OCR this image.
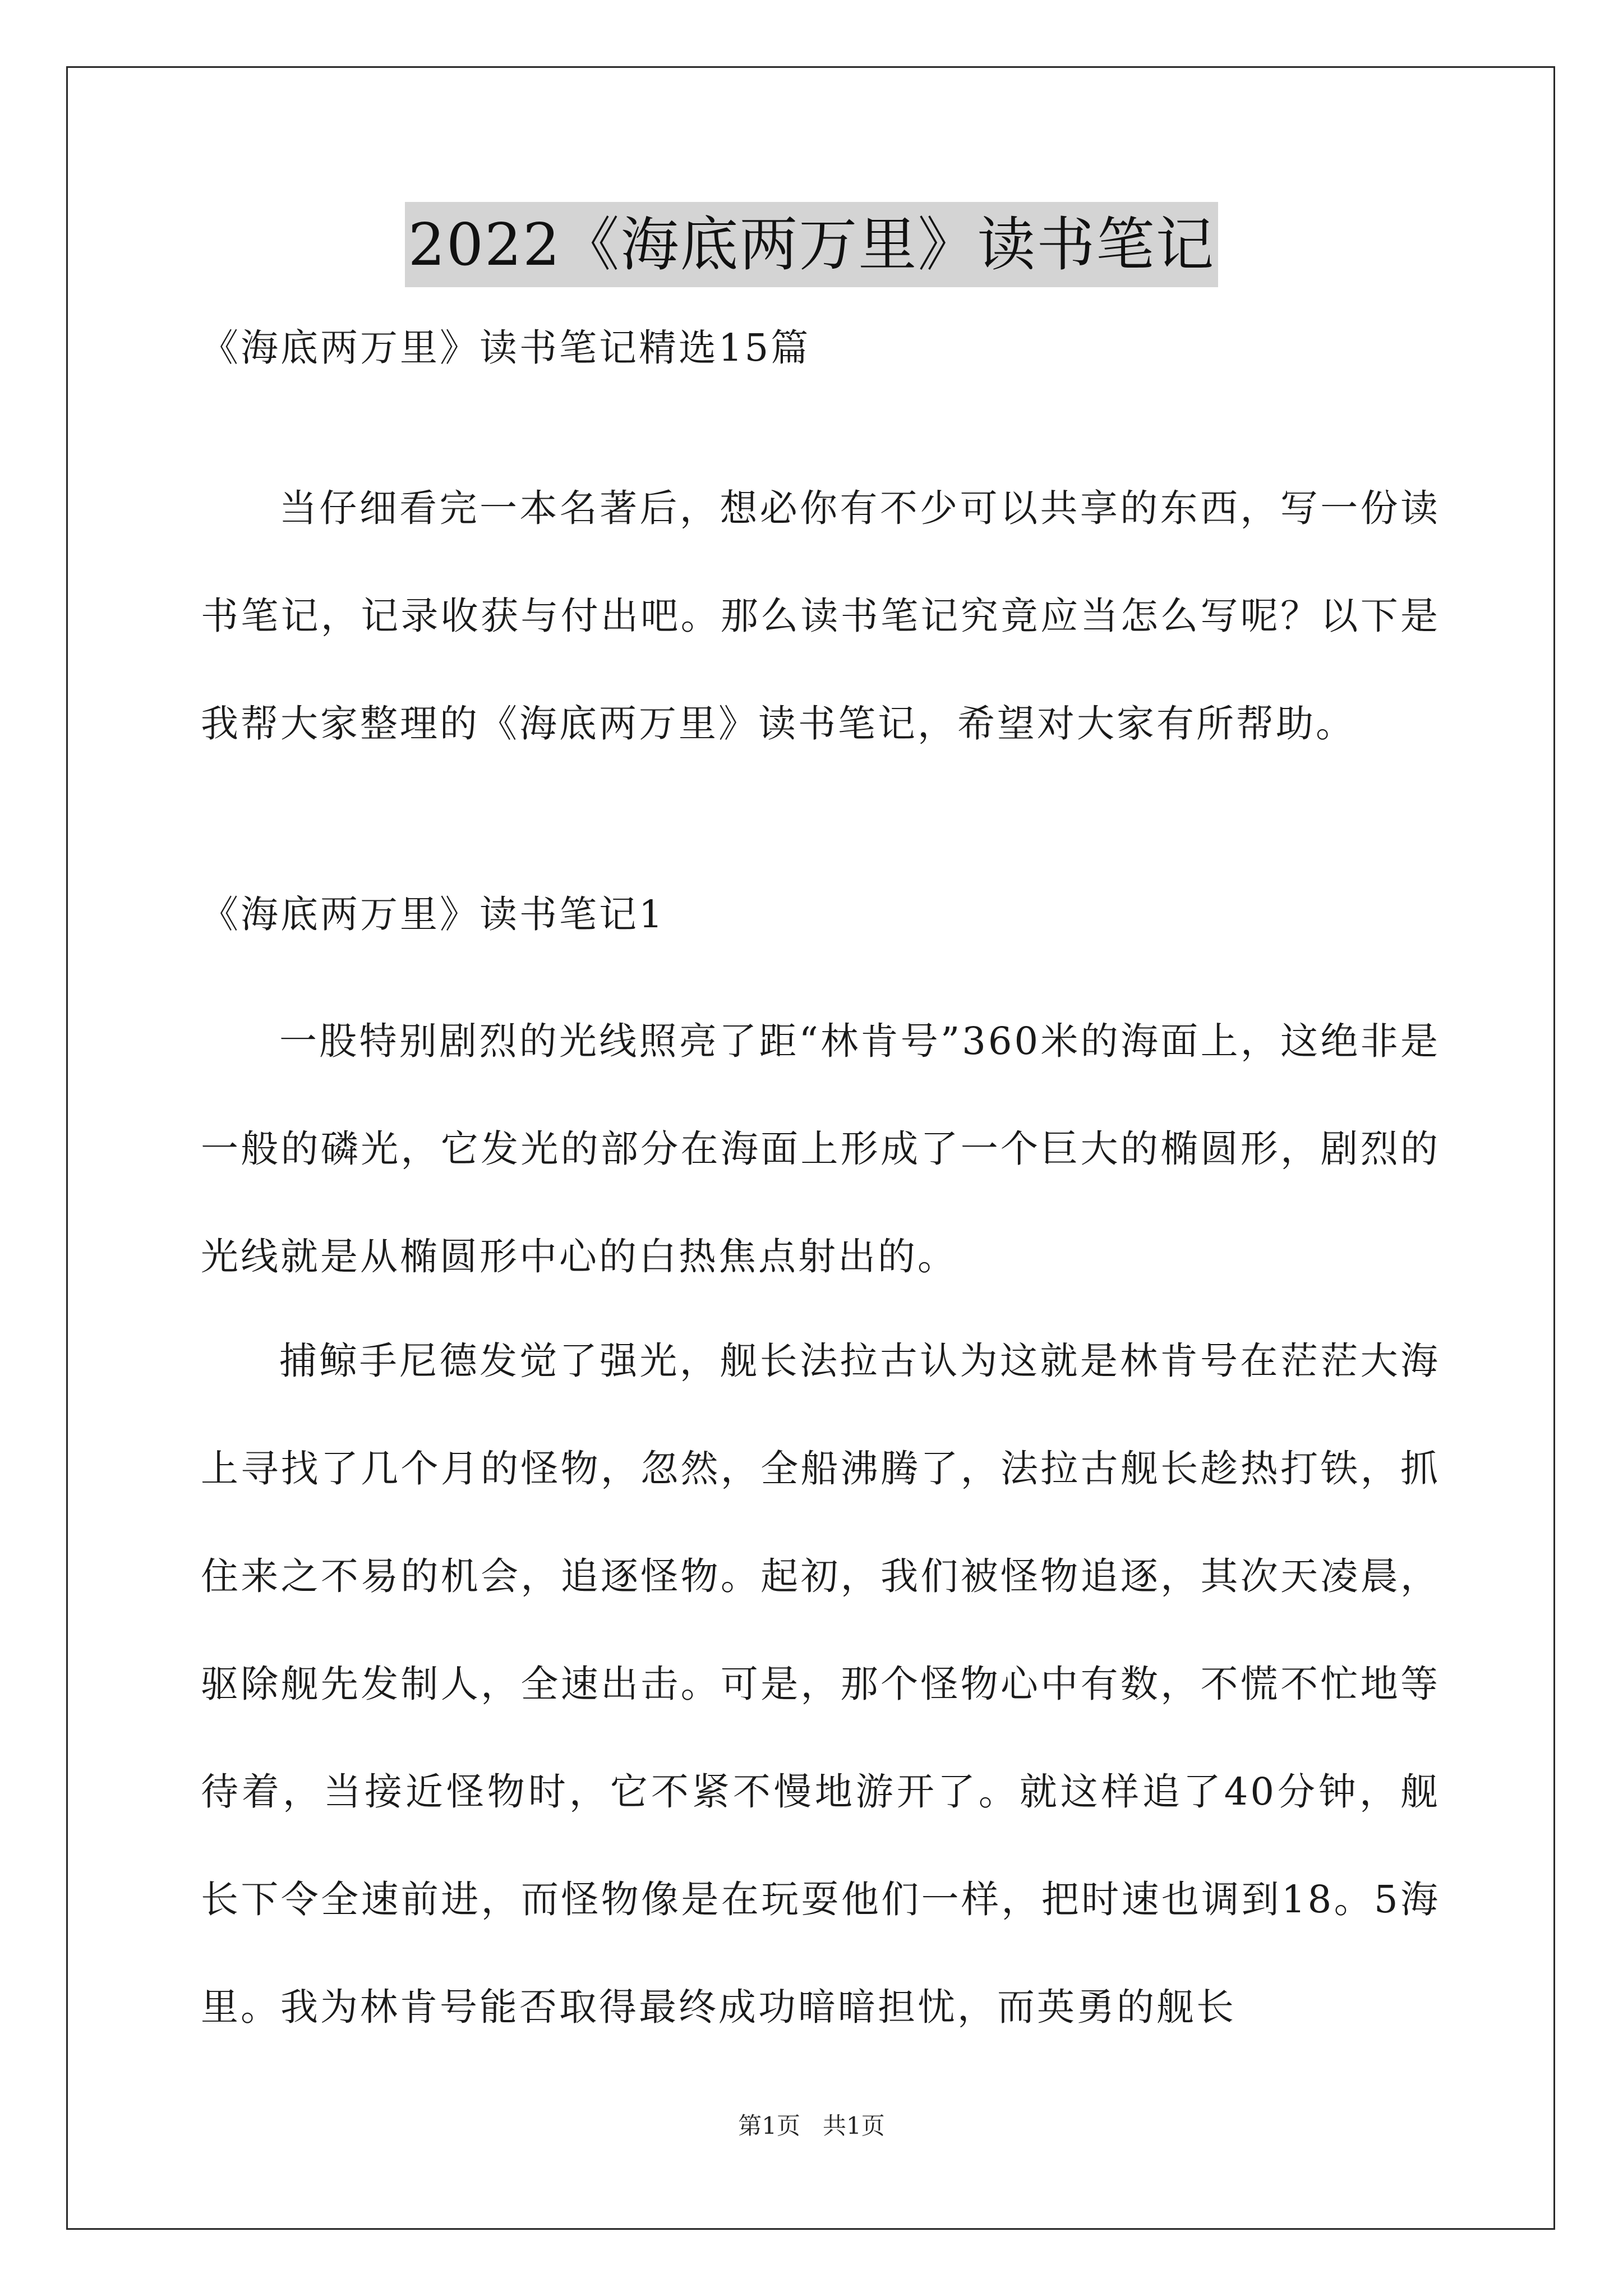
2022《海底两万里》读书笔记
《海底两万里》读书笔记精选15篇
当仔细看完一本名著后，想必你有不少可以共享的东西，写一份读书笔记，记录收获与付出吧。那么读书笔记究竟应当怎么写呢？以下是我帮大家整理的《海底两万里》读书笔记，希望对大家有所帮助。
《海底两万里》读书笔记1
一股特别剧烈的光线照亮了距“林肯号”360米的海面上，这绝非是一般的磷光，它发光的部分在海面上形成了一个巨大的椭圆形，剧烈的光线就是从椭圆形中心的白热焦点射出的。
捕鲸手尼德发觉了强光，舰长法拉古认为这就是林肯号在茫茫大海上寻找了几个月的怪物，忽然，全船沸腾了，法拉古舰长趁热打铁，抓住来之不易的机会，追逐怪物。起初，我们被怪物追逐，其次天凌晨，驱除舰先发制人，全速出击。可是，那个怪物心中有数，不慌不忙地等待着，当接近怪物时，它不紧不慢地游开了。就这样追了40分钟，舰长下令全速前进，而怪物像是在玩耍他们一样，把时速也调到18。5海里。我为林肯号能否取得最终成功暗暗担忧，而英勇的舰长
第1页 共1页
